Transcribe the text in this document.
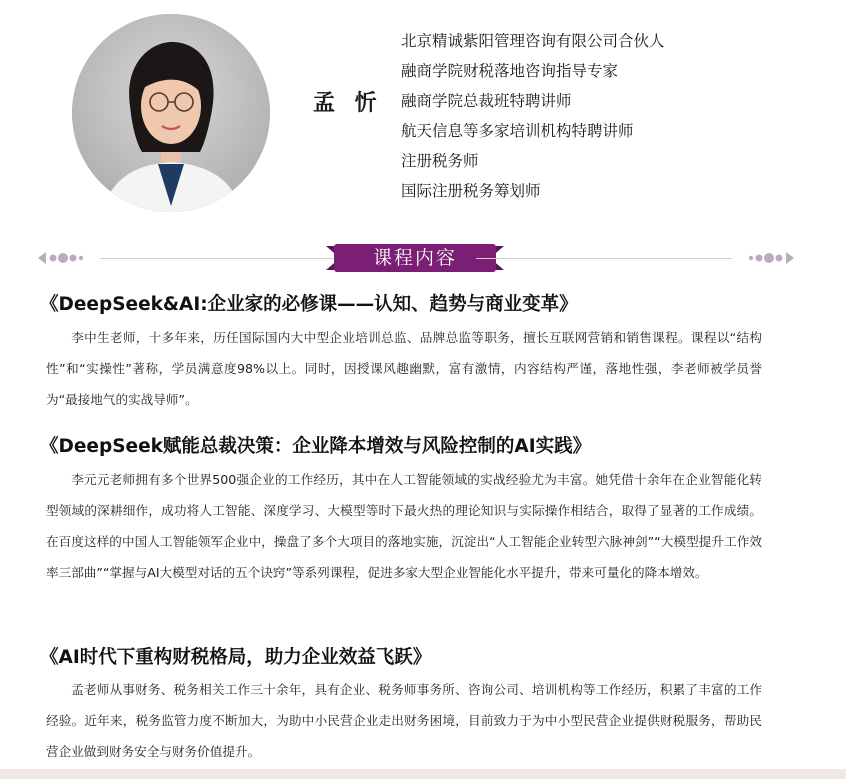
孟 忻
北京精诚紫阳管理咨询有限公司合伙人
融商学院财税落地咨询指导专家
融商学院总裁班特聘讲师
航天信息等多家培训机构特聘讲师
注册税务师
国际注册税务筹划师
课程内容
《DeepSeek&AI:企业家的必修课——认知、趋势与商业变革》
李中生老师，十多年来，历任国际国内大中型企业培训总监、品牌总监等职务，擅长互联网营销和销售课程。课程以“结构性”和“实操性”著称，学员满意度98%以上。同时，因授课风趣幽默，富有激情，内容结构严谨，落地性强，李老师被学员誉为“最接地气的实战导师”。
《DeepSeek赋能总裁决策：企业降本增效与风险控制的AI实践》
李元元老师拥有多个世界500强企业的工作经历，其中在人工智能领域的实战经验尤为丰富。她凭借十余年在企业智能化转型领域的深耕细作，成功将人工智能、深度学习、大模型等时下最火热的理论知识与实际操作相结合，取得了显著的工作成绩。在百度这样的中国人工智能领军企业中，操盘了多个大项目的落地实施，沉淀出“人工智能企业转型六脉神剑”“大模型提升工作效率三部曲”“掌握与AI大模型对话的五个诀窍”等系列课程，促进多家大型企业智能化水平提升，带来可量化的降本增效。
《AI时代下重构财税格局，助力企业效益飞跃》
孟老师从事财务、税务相关工作三十余年，具有企业、税务师事务所、咨询公司、培训机构等工作经历，积累了丰富的工作经验。近年来，税务监管力度不断加大，为助中小民营企业走出财务困境，目前致力于为中小型民营企业提供财税服务，帮助民营企业做到财务安全与财务价值提升。
